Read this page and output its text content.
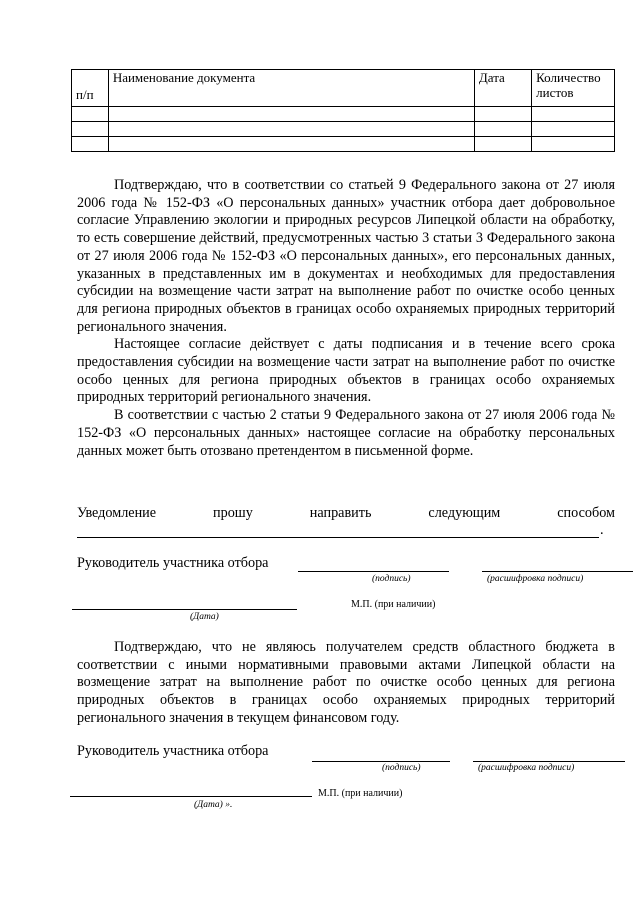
п/п	Наименование документа	Дата	Количество листов

Подтверждаю, что в соответствии со статьей 9 Федерального закона от 27 июля 2006 года № 152-ФЗ «О персональных данных» участник отбора дает добровольное согласие Управлению экологии и природных ресурсов Липецкой области на обработку, то есть совершение действий, предусмотренных частью 3 статьи 3 Федерального закона от 27 июля 2006 года № 152-ФЗ «О персональных данных», его персональных данных, указанных в представленных им в документах и необходимых для предоставления субсидии на возмещение части затрат на выполнение работ по очистке особо ценных для региона природных объектов в границах особо охраняемых природных территорий регионального значения.

Настоящее согласие действует с даты подписания и в течение всего срока предоставления субсидии на возмещение части затрат на выполнение работ по очистке особо ценных для региона природных объектов в границах особо охраняемых природных территорий регионального значения.

В соответствии с частью 2 статьи 9 Федерального закона от 27 июля 2006 года № 152-ФЗ «О персональных данных» настоящее согласие на обработку персональных данных может быть отозвано претендентом в письменной форме.

Уведомление	прошу	направить	следующим	способом
.
Руководитель участника отбора
(подпись)	(расшифровка подписи)
М.П. (при наличии)
(Дата)

Подтверждаю, что не являюсь получателем средств областного бюджета в соответствии с иными нормативными правовыми актами Липецкой области на возмещение затрат на выполнение работ по очистке особо ценных для региона природных объектов в границах особо охраняемых природных территорий регионального значения в текущем финансовом году.

Руководитель участника отбора
(подпись)	(расшифровка подписи)
М.П. (при наличии)
(Дата) ».
